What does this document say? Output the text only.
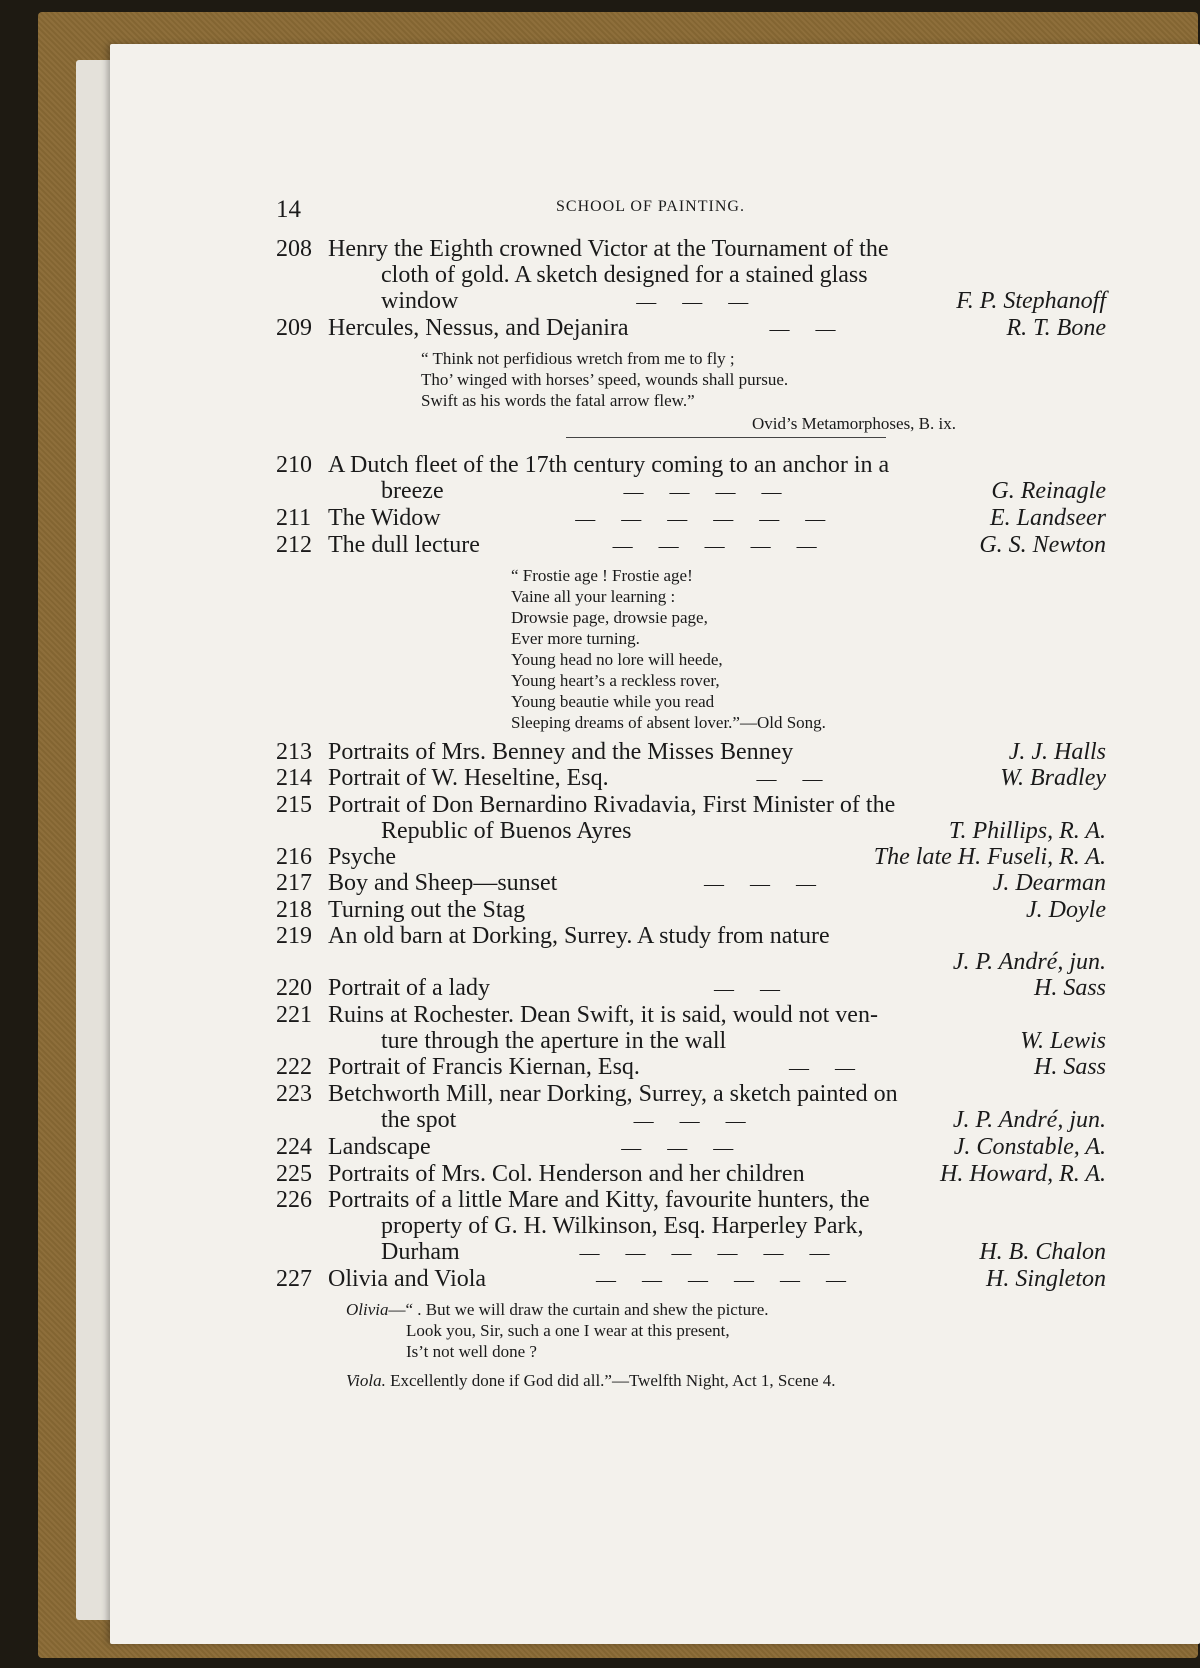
14	SCHOOL OF PAINTING.
208 Henry the Eighth crowned Victor at the Tournament of the
cloth of gold. A sketch designed for a stained glass
window	———	F. P. Stephanoff
209 Hercules, Nessus, and Dejanira	——	R. T. Bone
“ Think not perfidious wretch from me to fly ;
Tho’ winged with horses’ speed, wounds shall pursue.
Swift as his words the fatal arrow flew.”
Ovid’s Metamorphoses, B. ix.
210 A Dutch fleet of the 17th century coming to an anchor in a
breeze	————	G. Reinagle
211 The Widow	——————	E. Landseer
212 The dull lecture	—————	G. S. Newton
“ Frostie age ! Frostie age!
Vaine all your learning :
Drowsie page, drowsie page,
Ever more turning.
Young head no lore will heede,
Young heart’s a reckless rover,
Young beautie while you read
Sleeping dreams of absent lover.”—Old Song.
213 Portraits of Mrs. Benney and the Misses Benney	J. J. Halls
214 Portrait of W. Heseltine, Esq.	——	W. Bradley
215 Portrait of Don Bernardino Rivadavia, First Minister of the
Republic of Buenos Ayres	T. Phillips, R. A.
216 Psyche	The late H. Fuseli, R. A.
217 Boy and Sheep—sunset	———	J. Dearman
218 Turning out the Stag	J. Doyle
219 An old barn at Dorking, Surrey. A study from nature
J. P. André, jun.
220 Portrait of a lady	——	H. Sass
221 Ruins at Rochester. Dean Swift, it is said, would not ven-
ture through the aperture in the wall	W. Lewis
222 Portrait of Francis Kiernan, Esq.	——	H. Sass
223 Betchworth Mill, near Dorking, Surrey, a sketch painted on
the spot	———	J. P. André, jun.
224 Landscape	———	J. Constable, A.
225 Portraits of Mrs. Col. Henderson and her children	H. Howard, R. A.
226 Portraits of a little Mare and Kitty, favourite hunters, the
property of G. H. Wilkinson, Esq. Harperley Park,
Durham	——————	H. B. Chalon
227 Olivia and Viola	——————	H. Singleton
Olivia—“ . But we will draw the curtain and shew the picture.
Look you, Sir, such a one I wear at this present,
Is’t not well done ?
Viola. Excellently done if God did all.”—Twelfth Night, Act 1, Scene 4.
